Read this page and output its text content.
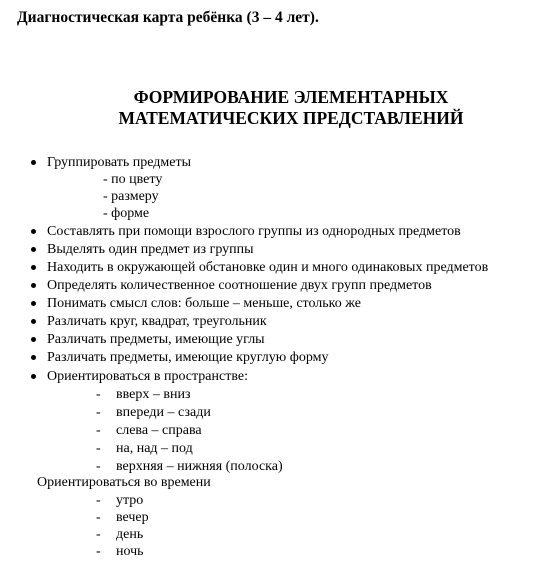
Диагностическая карта ребёнка (3 – 4 лет).
ФОРМИРОВАНИЕ ЭЛЕМЕНТАРНЫХ
МАТЕМАТИЧЕСКИХ ПРЕДСТАВЛЕНИЙ
Группировать предметы
- по цвету
- размеру
- форме
Составлять при помощи взрослого группы из однородных предметов
Выделять один предмет из группы
Находить в окружающей обстановке один и много одинаковых предметов
Определять количественное соотношение двух групп предметов
Понимать смысл слов: больше – меньше, столько же
Различать круг, квадрат, треугольник
Различать предметы, имеющие углы
Различать предметы, имеющие круглую форму
Ориентироваться в пространстве:
- вверх – вниз
- впереди – сзади
- слева – справа
- на, над – под
- верхняя – нижняя (полоска)
Ориентироваться во времени
- утро
- вечер
- день
- ночь
